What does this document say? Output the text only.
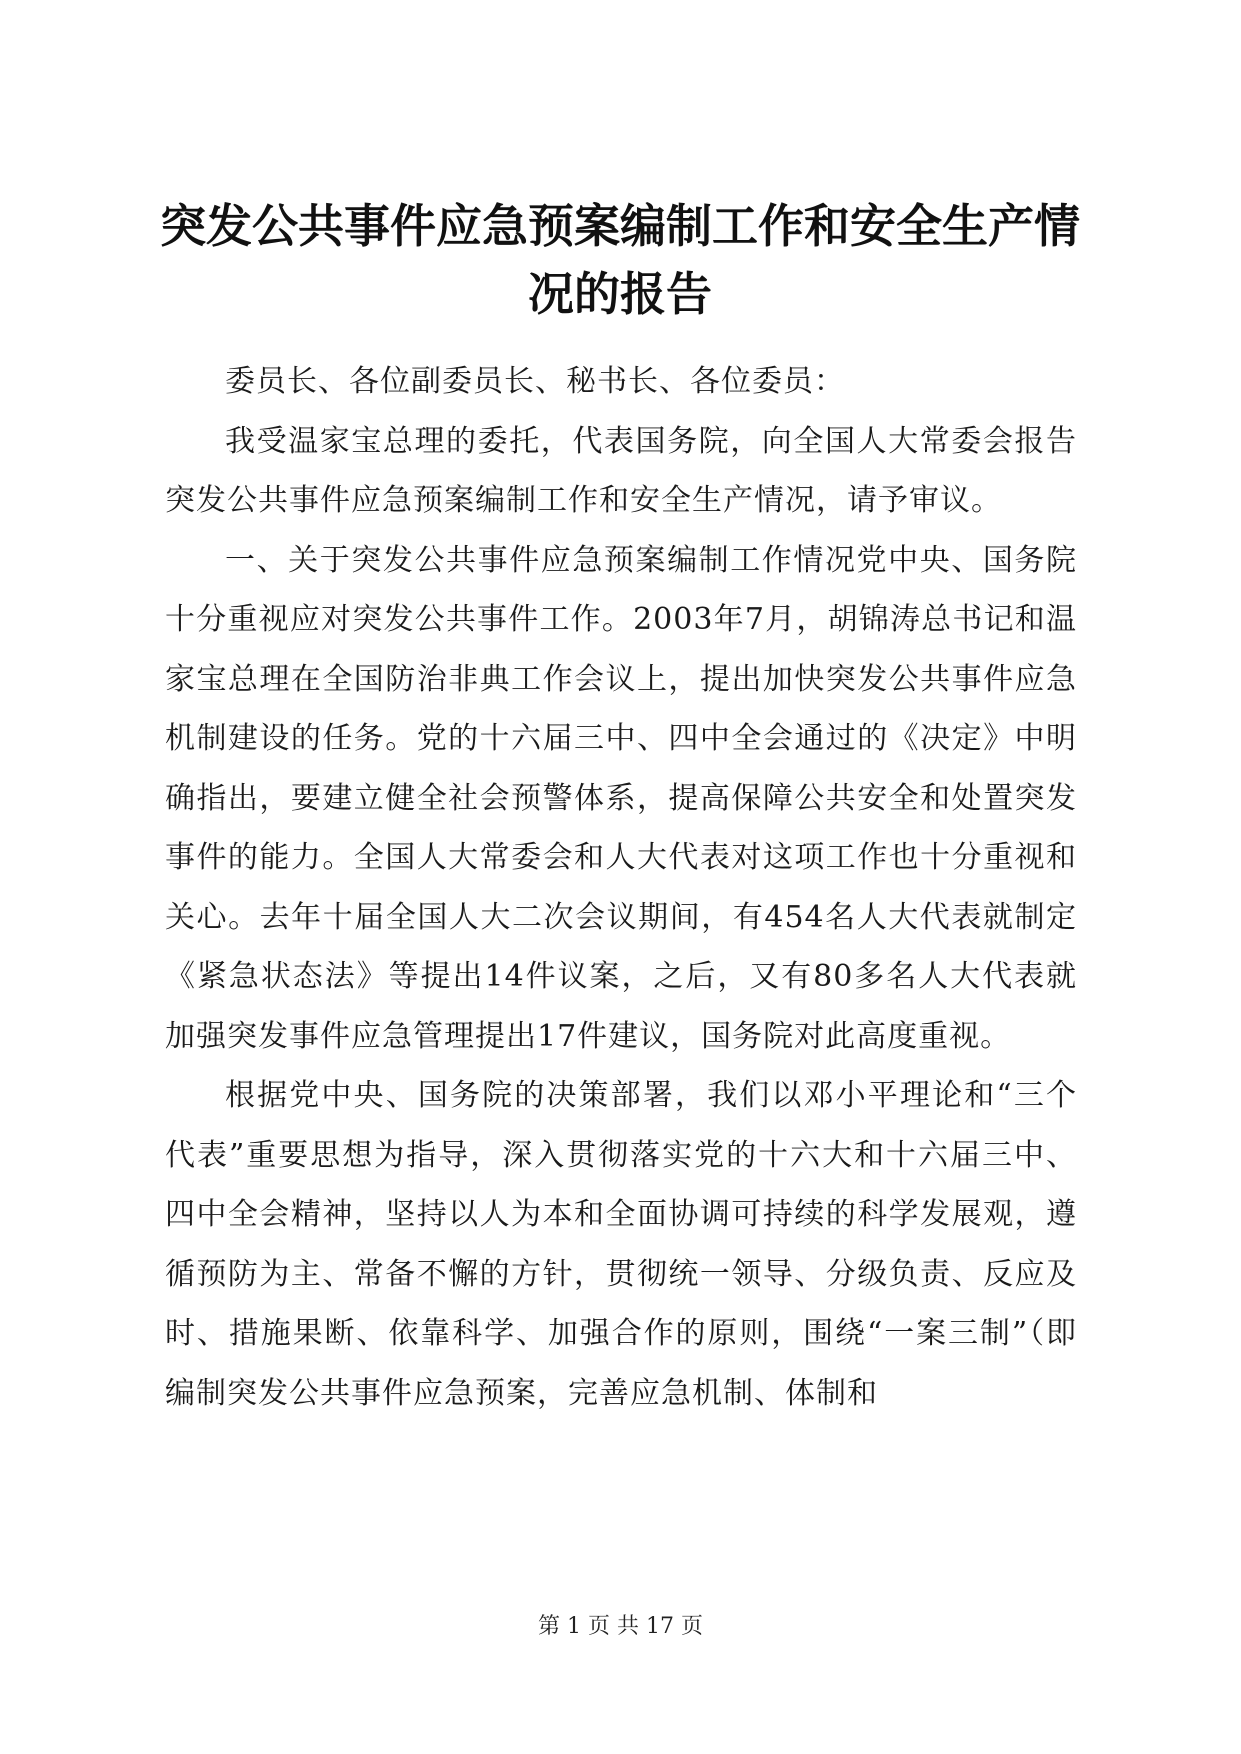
突发公共事件应急预案编制工作和安全生产情况的报告

委员长、各位副委员长、秘书长、各位委员：

我受温家宝总理的委托，代表国务院，向全国人大常委会报告突发公共事件应急预案编制工作和安全生产情况，请予审议。

一、关于突发公共事件应急预案编制工作情况党中央、国务院十分重视应对突发公共事件工作。2003年7月，胡锦涛总书记和温家宝总理在全国防治非典工作会议上，提出加快突发公共事件应急机制建设的任务。党的十六届三中、四中全会通过的《决定》中明确指出，要建立健全社会预警体系，提高保障公共安全和处置突发事件的能力。全国人大常委会和人大代表对这项工作也十分重视和关心。去年十届全国人大二次会议期间，有454名人大代表就制定《紧急状态法》等提出14件议案，之后，又有80多名人大代表就加强突发事件应急管理提出17件建议，国务院对此高度重视。

根据党中央、国务院的决策部署，我们以邓小平理论和“三个代表”重要思想为指导，深入贯彻落实党的十六大和十六届三中、四中全会精神，坚持以人为本和全面协调可持续的科学发展观，遵循预防为主、常备不懈的方针，贯彻统一领导、分级负责、反应及时、措施果断、依靠科学、加强合作的原则，围绕“一案三制”（即编制突发公共事件应急预案，完善应急机制、体制和

第 1 页 共 17 页
